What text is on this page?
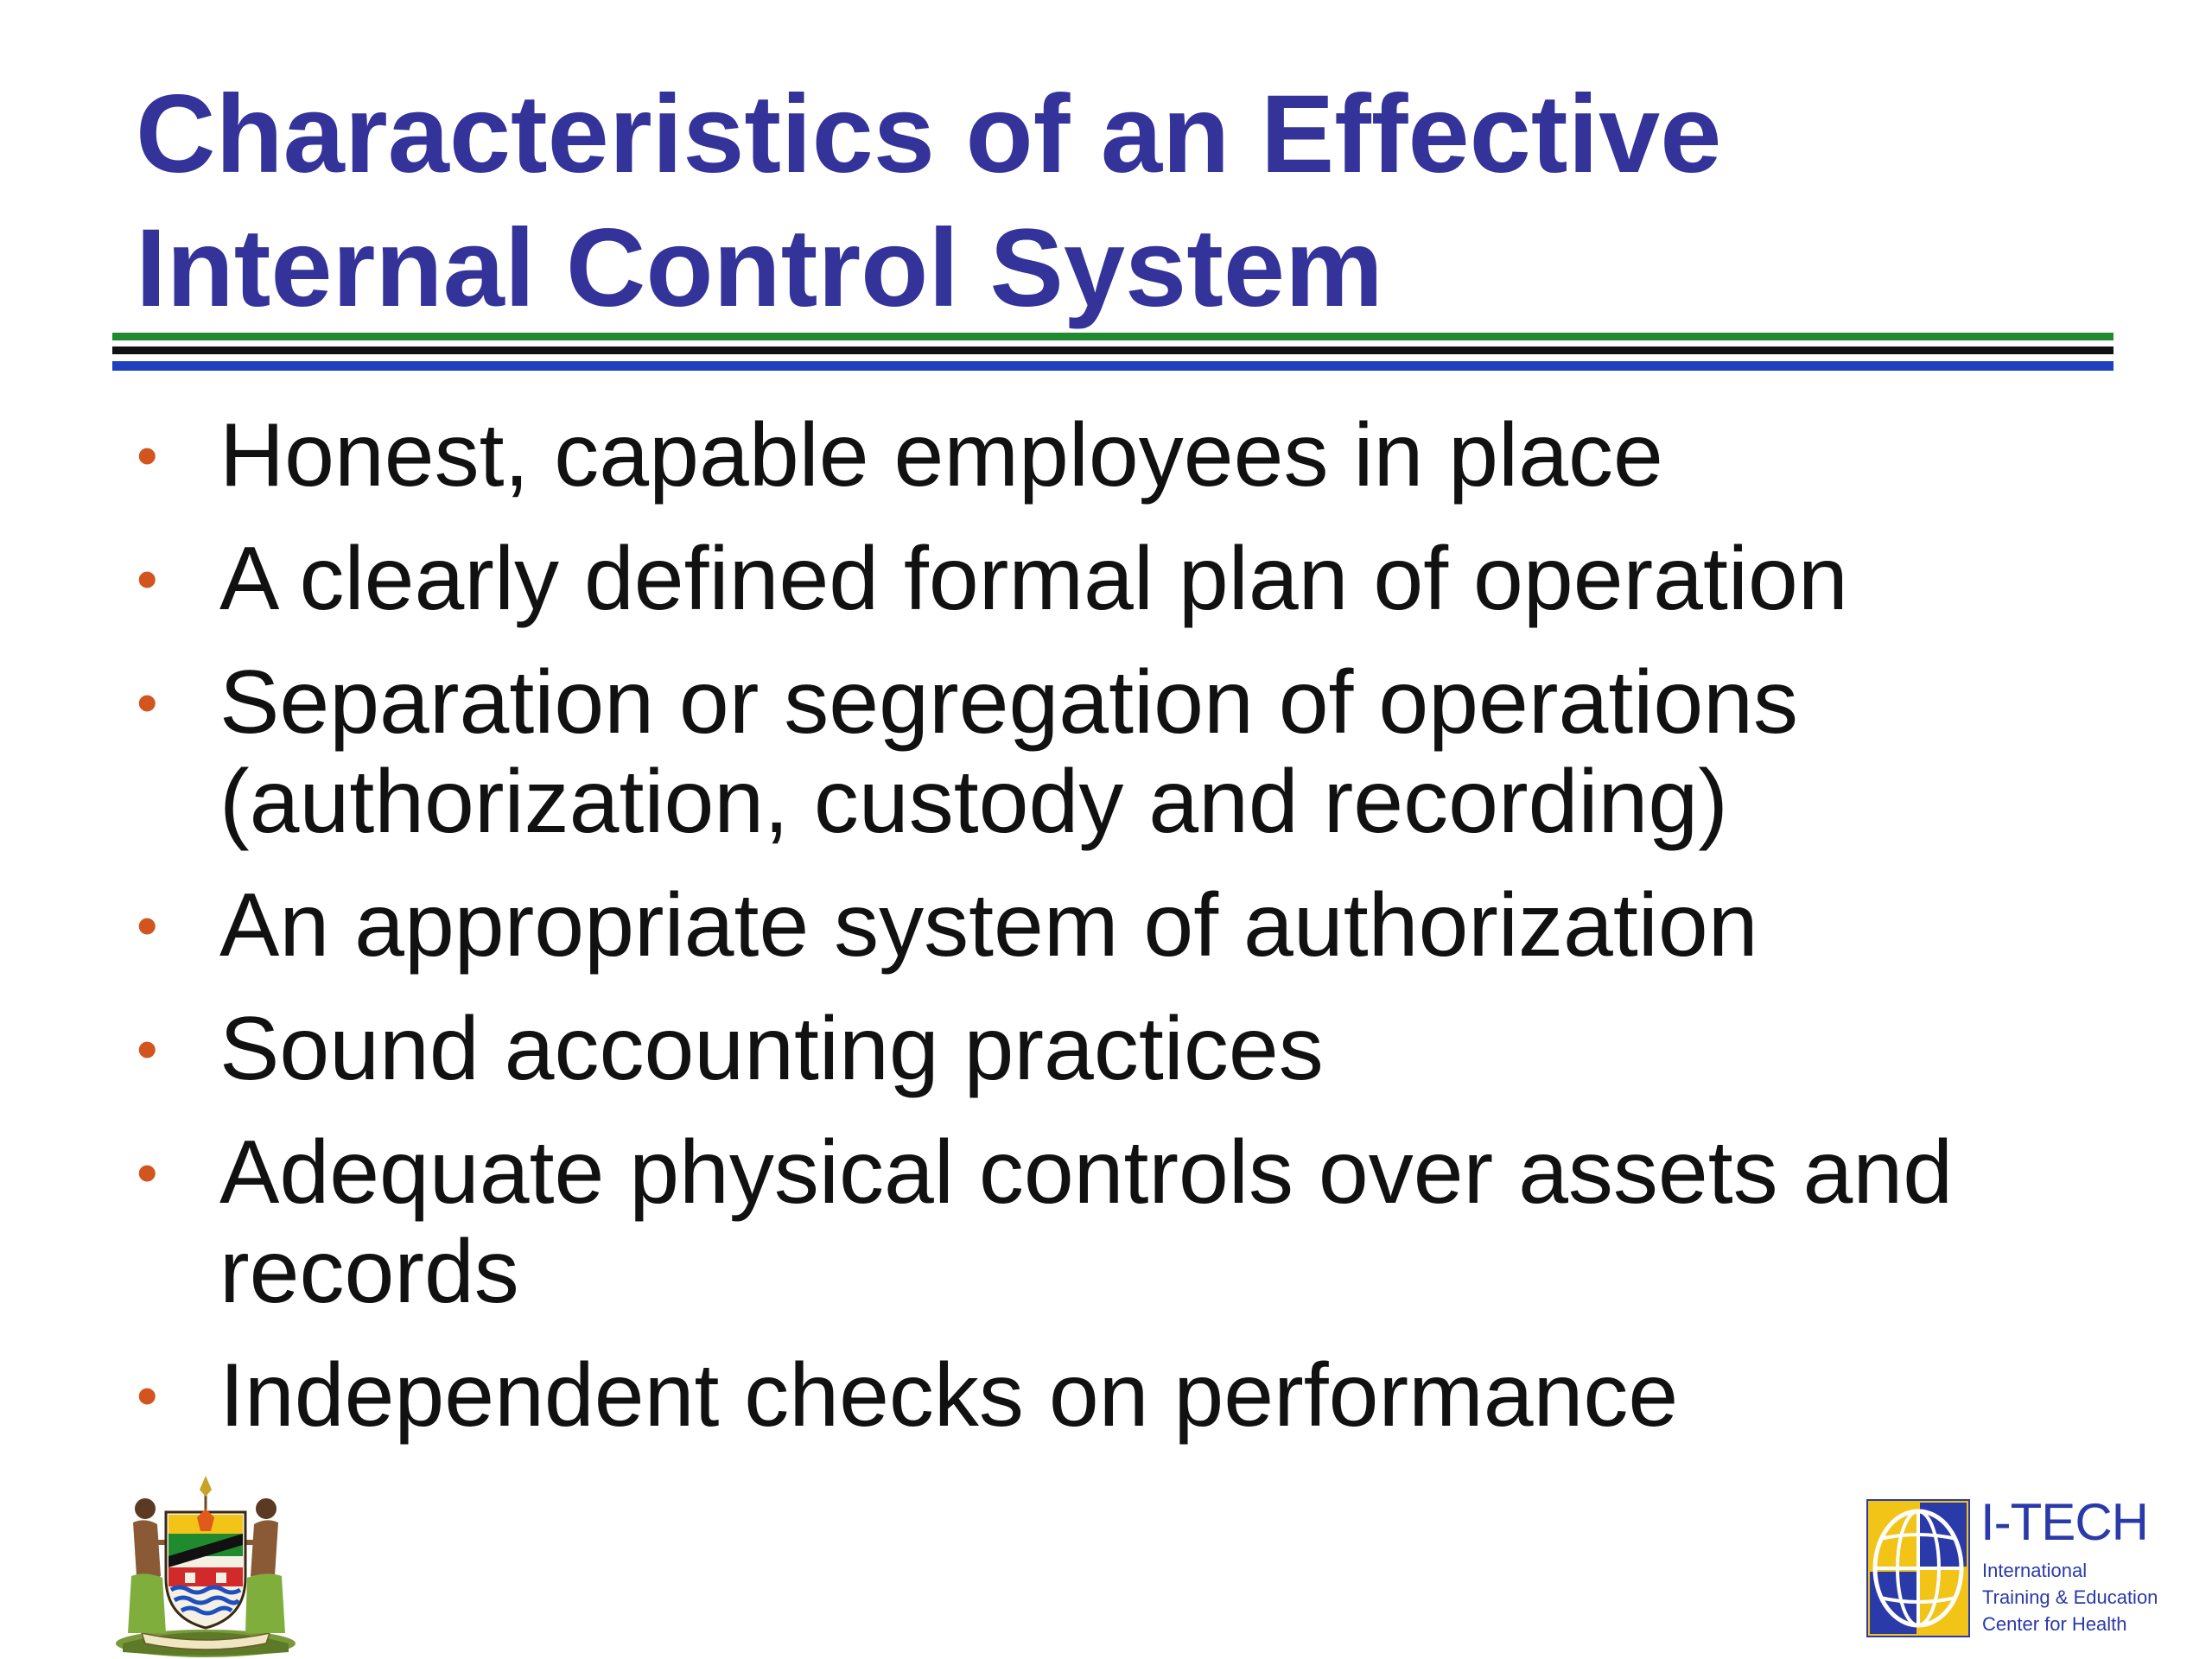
Characteristics of an Effective
Internal Control System
• Honest, capable employees in place
• A clearly defined formal plan of operation
• Separation or segregation of operations
(authorization, custody and recording)
• An appropriate system of authorization
• Sound accounting practices
• Adequate physical controls over assets and
records
• Independent checks on performance
I-TECH
International
Training & Education
Center for Health
